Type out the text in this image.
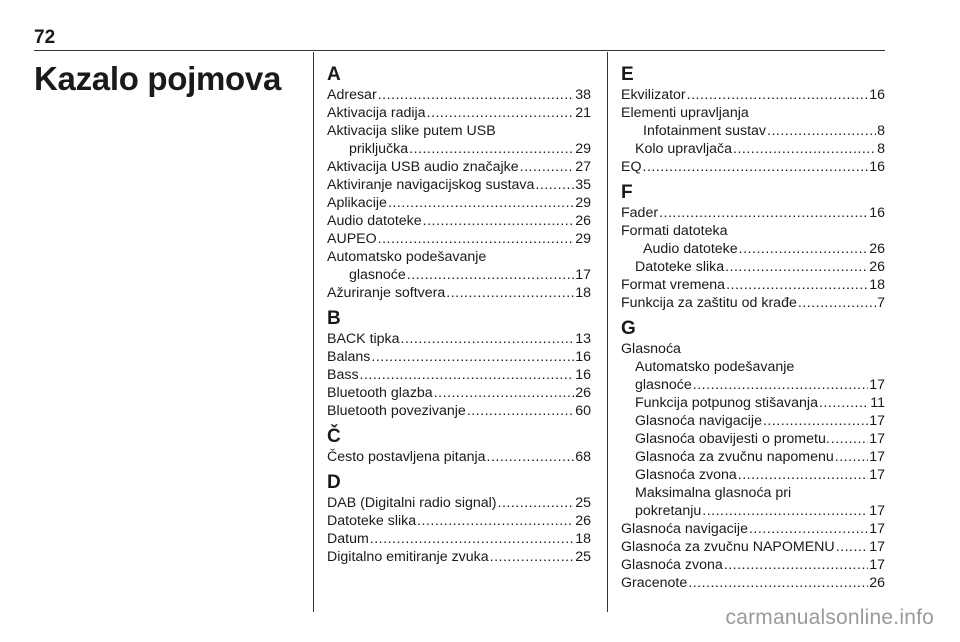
72
Kazalo pojmova A
Adresar .....	38
Aktivacija radija .....	21
Aktivacija slike putem USB
priključka .....	29
Aktivacija USB audio značajke .....	27
Aktiviranje navigacijskog sustava .....	35
Aplikacije .....	29
Audio datoteke .....	26
AUPEO .....	29
Automatsko podešavanje
glasnoće .....	17
Ažuriranje softvera .....	18
B
BACK tipka .....	13
Balans .....	16
Bass .....	16
Bluetooth glazba .....	26
Bluetooth povezivanje .....	60
Č
Često postavljena pitanja .....	68
D
DAB (Digitalni radio signal) .....	25
Datoteke slika .....	26
Datum .....	18
Digitalno emitiranje zvuka .....	25
E
Ekvilizator .....	16
Elementi upravljanja
Infotainment sustav .....	8
Kolo upravljača .....	8
EQ .....	16
F
Fader .....	16
Formati datoteka
Audio datoteke .....	26
Datoteke slika .....	26
Format vremena .....	18
Funkcija za zaštitu od krađe .....	7
G
Glasnoća
Automatsko podešavanje
glasnoće .....	17
Funkcija potpunog stišavanja .....	11
Glasnoća navigacije .....	17
Glasnoća obavijesti o prometu. .....	17
Glasnoća za zvučnu napomenu ..... 17
Glasnoća zvona .....	17
Maksimalna glasnoća pri
pokretanju .....	17
Glasnoća navigacije .....	17
Glasnoća za zvučnu NAPOMENU ..... 17
Glasnoća zvona .....	17
Gracenote .....	26
carmanualsonline.info
